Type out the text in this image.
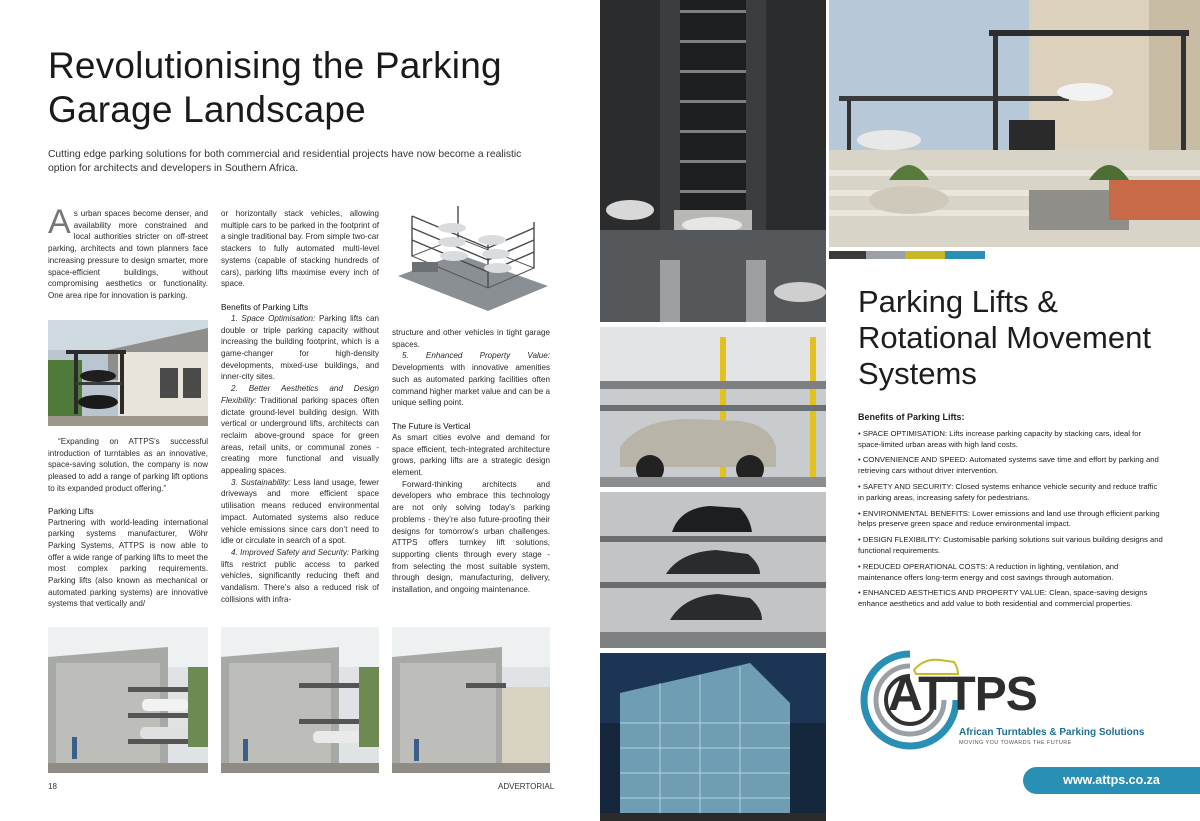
Revolutionising the Parking Garage Landscape
Cutting edge parking solutions for both commercial and residential projects have now become a realistic option for architects and developers in Southern Africa.

As urban spaces become denser, and availability more constrained and local authorities stricter on off-street parking, architects and town planners face increasing pressure to design smarter, more space-efficient buildings, without compromising aesthetics or functionality. One area ripe for innovation is parking.

“Expanding on ATTPS’s successful introduction of turntables as an innovative, space-saving solution, the company is now pleased to add a range of parking lift options to its expanded product offering.”

Parking Lifts

Partnering with world-leading international parking systems manufacturer, Wöhr Parking Systems, ATTPS is now able to offer a wide range of parking lifts to meet the most complex parking requirements. Parking lifts (also known as mechanical or automated parking systems) are innovative systems that vertically and/

or horizontally stack vehicles, allowing multiple cars to be parked in the footprint of a single traditional bay. From simple two-car stackers to fully automated multi-level systems (capable of stacking hundreds of cars), parking lifts maximise every inch of space.

Benefits of Parking Lifts

1. Space Optimisation: Parking lifts can double or triple parking capacity without increasing the building footprint, which is a game-changer for high-density developments, mixed-use buildings, and inner-city sites.

2. Better Aesthetics and Design Flexibility: Traditional parking spaces often dictate ground-level building design. With vertical or underground lifts, architects can reclaim above-ground space for green areas, retail units, or communal zones - creating more functional and visually appealing spaces.

3. Sustainability: Less land usage, fewer driveways and more efficient space utilisation means reduced environmental impact. Automated systems also reduce vehicle emissions since cars don’t need to idle or circulate in search of a spot.

4. Improved Safety and Security: Parking lifts restrict public access to parked vehicles, significantly reducing theft and vandalism. There’s also a reduced risk of collisions with infra-

structure and other vehicles in tight garage spaces.

5. Enhanced Property Value: Developments with innovative amenities such as automated parking facilities often command higher market value and can be a unique selling point.

The Future is Vertical

As smart cities evolve and demand for space efficient, tech-integrated architecture grows, parking lifts are a strategic design element.

Forward-thinking architects and developers who embrace this technology are not only solving today’s parking problems - they’re also future-proofing their designs for tomorrow’s urban challenges. ATTPS offers turnkey lift solutions, supporting clients through every stage - from selecting the most suitable system, through design, manufacturing, delivery, installation, and ongoing maintenance.

18	ADVERTORIAL
Parking Lifts & Rotational Movement Systems
Benefits of Parking Lifts:

• SPACE OPTIMISATION: Lifts increase parking capacity by stacking cars, ideal for space-limited urban areas with high land costs.

• CONVENIENCE AND SPEED: Automated systems save time and effort by parking and retrieving cars without driver intervention.

• SAFETY AND SECURITY: Closed systems enhance vehicle security and reduce traffic in parking areas, increasing safety for pedestrians.

• ENVIRONMENTAL BENEFITS: Lower emissions and land use through efficient parking helps preserve green space and reduce environmental impact.

• DESIGN FLEXIBILITY: Customisable parking solutions suit various building designs and functional requirements.

• REDUCED OPERATIONAL COSTS: A reduction in lighting, ventilation, and maintenance offers long-term energy and cost savings through automation.

• ENHANCED AESTHETICS AND PROPERTY VALUE: Clean, space-saving designs enhance aesthetics and add value to both residential and commercial properties.

ATTPS
African Turntables & Parking Solutions
MOVING YOU TOWARDS THE FUTURE
www.attps.co.za
